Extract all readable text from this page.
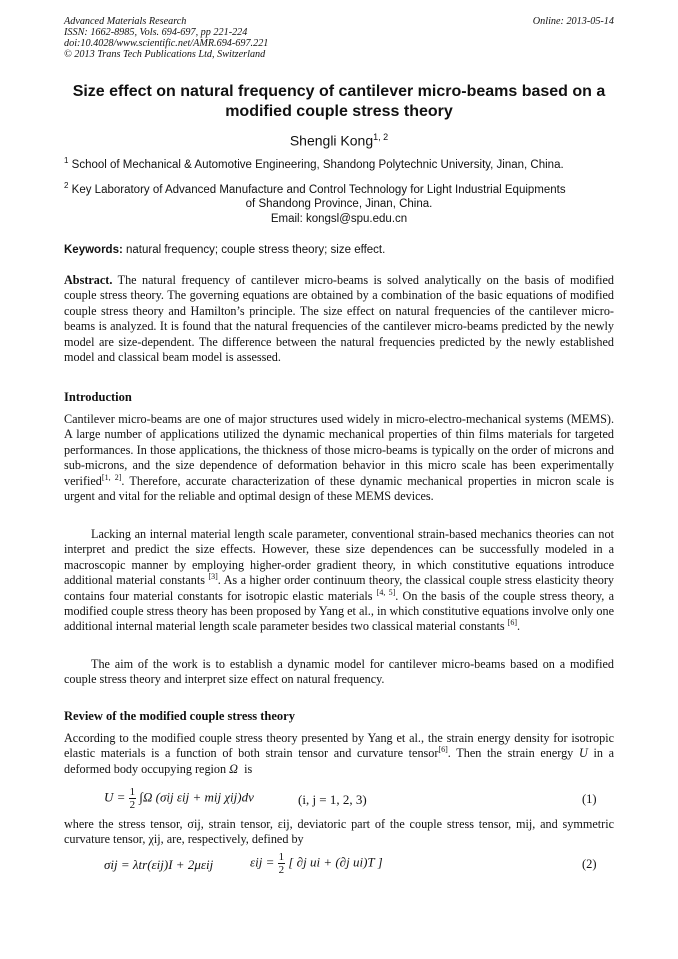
Advanced Materials Research
ISSN: 1662-8985, Vols. 694-697, pp 221-224
doi:10.4028/www.scientific.net/AMR.694-697.221
© 2013 Trans Tech Publications Ltd, Switzerland
Online: 2013-05-14
Size effect on natural frequency of cantilever micro-beams based on a
modified couple stress theory
Shengli Kong$^{1, 2}$
$^1$ School of Mechanical & Automotive Engineering, Shandong Polytechnic University, Jinan, China.
$^2$ Key Laboratory of Advanced Manufacture and Control Technology for Light Industrial Equipments
of Shandong Province, Jinan, China.
Email: kongsl@spu.edu.cn
Keywords: natural frequency; couple stress theory; size effect.
Abstract. The natural frequency of cantilever micro-beams is solved analytically on the basis of modified couple stress theory. The governing equations are obtained by a combination of the basic equations of modified couple stress theory and Hamilton’s principle. The size effect on natural frequencies of the cantilever micro-beams is analyzed. It is found that the natural frequencies of the cantilever micro-beams predicted by the newly model are size-dependent. The difference between the natural frequencies predicted by the newly established model and classical beam model is assessed.
Introduction
Cantilever micro-beams are one of major structures used widely in micro-electro-mechanical systems (MEMS). A large number of applications utilized the dynamic mechanical properties of thin films materials for targeted performances. In those applications, the thickness of those micro-beams is typically on the order of microns and sub-microns, and the size dependence of deformation behavior in this micro scale has been experimentally verified[1, 2]. Therefore, accurate characterization of these dynamic mechanical properties in micron scale is urgent and vital for the reliable and optimal design of these MEMS devices.
Lacking an internal material length scale parameter, conventional strain-based mechanics theories can not interpret and predict the size effects. However, these size dependences can be successfully modeled in a macroscopic manner by employing higher-order gradient theory, in which constitutive equations introduce additional material constants [3]. As a higher order continuum theory, the classical couple stress elasticity theory contains four material constants for isotropic elastic materials [4, 5]. On the basis of the couple stress theory, a modified couple stress theory has been proposed by Yang et al., in which constitutive equations involve only one additional internal material length scale parameter besides two classical material constants [6].
The aim of the work is to establish a dynamic model for cantilever micro-beams based on a modified couple stress theory and interpret size effect on natural frequency.
Review of the modified couple stress theory
According to the modified couple stress theory presented by Yang et al., the strain energy density for isotropic elastic materials is a function of both strain tensor and curvature tensor[6]. Then the strain energy U in a deformed body occupying region Ω is
$U = \frac{1}{2} \int\Omega$ (σij εij + mij χij)dv	(i, j = 1, 2, 3)	(1)
where the stress tensor, σij, strain tensor, εij, deviatoric part of the couple stress tensor, mij, and symmetric curvature tensor, χij, are, respectively, defined by
σij = λtr(εij)I + 2μεij	$\varepsilon ij = \frac{1}{2}$ [ ∂j ui + (∂j ui)T ]	(2)
